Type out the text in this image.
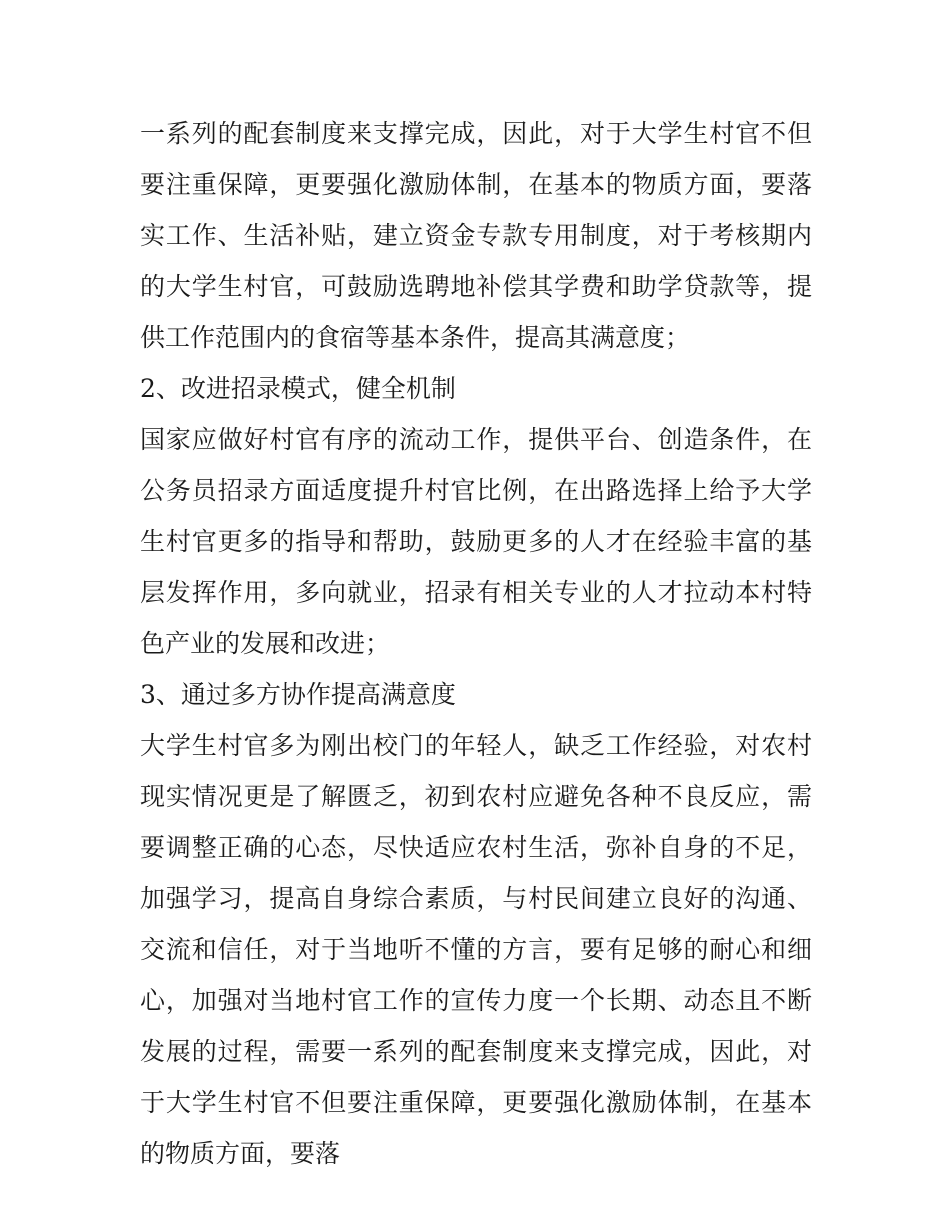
一系列的配套制度来支撑完成，因此，对于大学生村官不但要注重保障，更要强化激励体制，在基本的物质方面，要落实工作、生活补贴，建立资金专款专用制度，对于考核期内的大学生村官，可鼓励选聘地补偿其学费和助学贷款等，提供工作范围内的食宿等基本条件，提高其满意度；

2、改进招录模式，健全机制

国家应做好村官有序的流动工作，提供平台、创造条件，在公务员招录方面适度提升村官比例，在出路选择上给予大学生村官更多的指导和帮助，鼓励更多的人才在经验丰富的基层发挥作用，多向就业，招录有相关专业的人才拉动本村特色产业的发展和改进；

3、通过多方协作提高满意度

大学生村官多为刚出校门的年轻人，缺乏工作经验，对农村现实情况更是了解匮乏，初到农村应避免各种不良反应，需要调整正确的心态，尽快适应农村生活，弥补自身的不足，加强学习，提高自身综合素质，与村民间建立良好的沟通、交流和信任，对于当地听不懂的方言，要有足够的耐心和细心，加强对当地村官工作的宣传力度一个长期、动态且不断发展的过程，需要一系列的配套制度来支撑完成，因此，对于大学生村官不但要注重保障，更要强化激励体制，在基本的物质方面，要落
